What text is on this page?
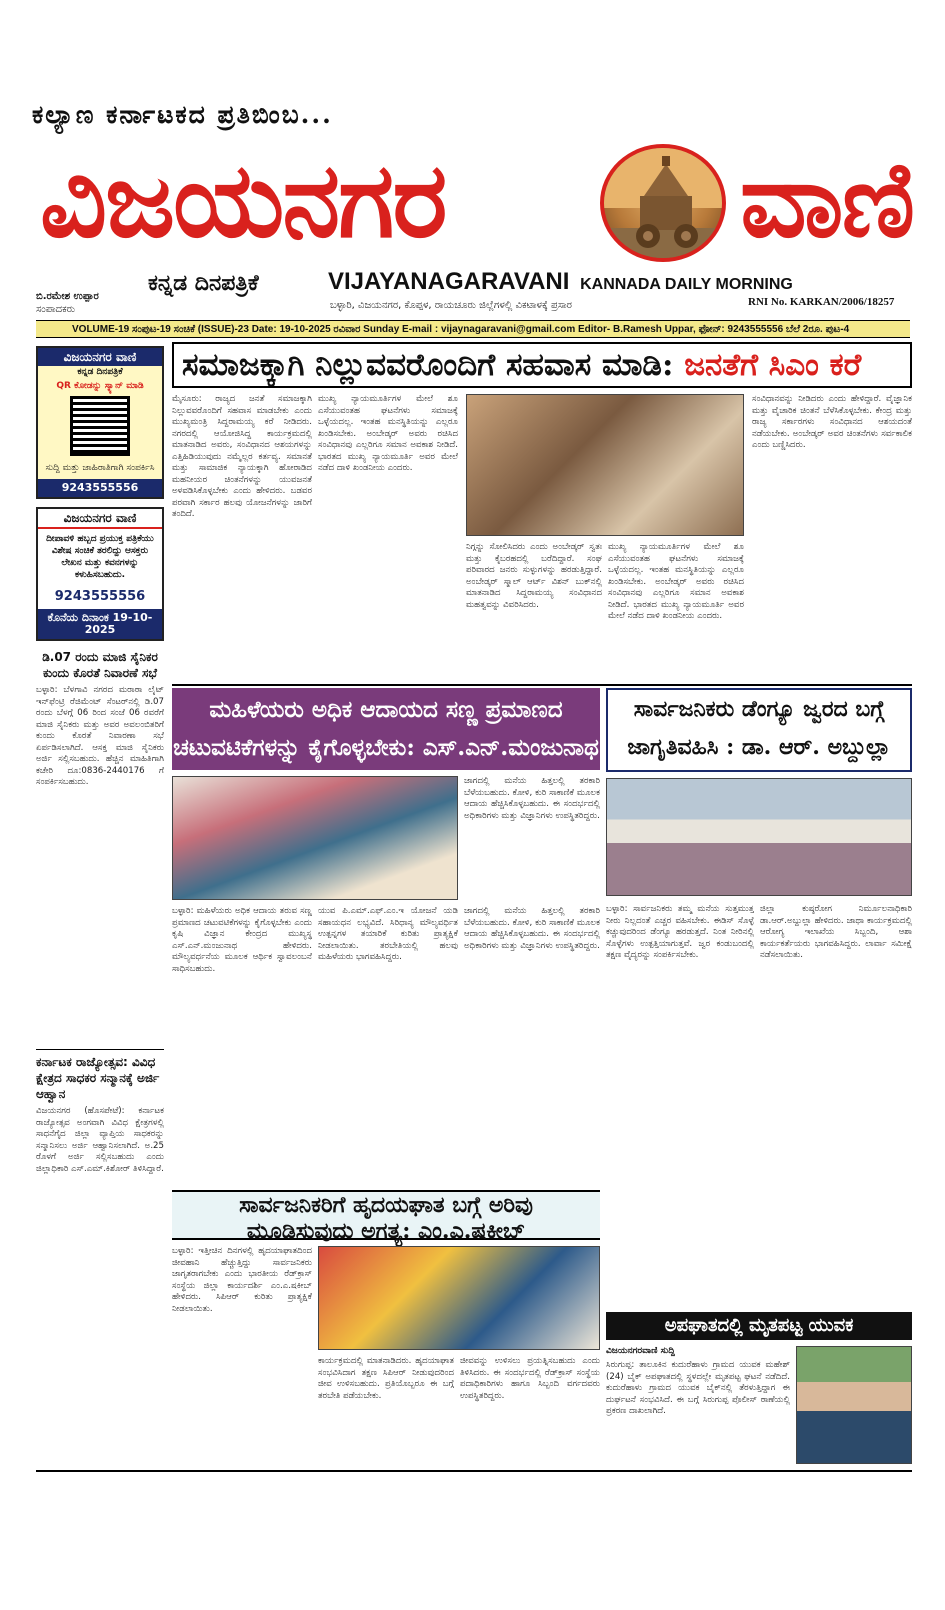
ಕಲ್ಯಾಣ ಕರ್ನಾಟಕದ ಪ್ರತಿಬಿಂಬ...
ವಿಜಯನಗರ	ವಾಣಿ
ಬಿ.ರಮೇಶ ಉಪ್ಪಾರ
ಸಂಪಾದಕರು
ಕನ್ನಡ ದಿನಪತ್ರಿಕೆ	VIJAYANAGARAVANI KANNADA DAILY MORNING
ಬಳ್ಳಾರಿ, ವಿಜಯನಗರ, ಕೊಪ್ಪಳ, ರಾಯಚೂರು ಜಿಲ್ಲೆಗಳಲ್ಲಿ ವಿಕಟಾಳಕ್ಕೆ ಪ್ರಸಾರ	RNI No. KARKAN/2006/18257
VOLUME-19 ಸಂಪುಟ-19 ಸಂಚಿಕೆ (ISSUE)-23 Date: 19-10-2025 ರವಿವಾರ Sunday E-mail : vijaynagaravani@gmail.com Editor- B.Ramesh Uppar, ಫೋನ್: 9243555556 ಬೆಲೆ 2ರೂ. ಪುಟ-4
ವಿಜಯನಗರ ವಾಣಿ
ಕನ್ನಡ ದಿನಪತ್ರಿಕೆ
QR ಕೋಡನ್ನು ಸ್ಕ್ಯಾನ್ ಮಾಡಿ
ಸುದ್ದಿ ಮತ್ತು ಜಾಹಿರಾತಿಗಾಗಿ ಸಂಪರ್ಕಿಸಿ
9243555556
ವಿಜಯನಗರ ವಾಣಿ
ದೀಪಾವಳಿ ಹಬ್ಬದ ಪ್ರಯುಕ್ತ ಪತ್ರಿಕೆಯು ವಿಶೇಷ ಸಂಚಿಕೆ ತರಲಿದ್ದು ಆಸಕ್ತರು ಲೇಖನ ಮತ್ತು ಕವನಗಳನ್ನು ಕಳುಹಿಸಬಹುದು.
9243555556
ಕೊನೆಯ ದಿನಾಂಕ 19-10-2025
ಡಿ.07 ರಂದು ಮಾಜಿ ಸೈನಿಕರ ಕುಂದು ಕೊರತೆ ನಿವಾರಣೆ ಸಭೆ
ಬಳ್ಳಾರಿ: ಬೆಳಗಾವಿ ನಗರದ ಮರಾಠಾ ಲೈಟ್ ಇನ್‌ಫೆಂಟ್ರಿ ರೆಜಿಮೆಂಟ್ ಸೆಂಟರ್‌ನಲ್ಲಿ ಡಿ.07 ರಂದು ಬೆಳಗ್ಗೆ 06 ರಿಂದ ಸಂಜೆ 06 ರವರೆಗೆ ಮಾಜಿ ಸೈನಿಕರು ಮತ್ತು ಅವರ ಅವಲಂಬಿತರಿಗೆ ಕುಂದು ಕೊರತೆ ನಿವಾರಣಾ ಸಭೆ ಏರ್ಪಡಿಸಲಾಗಿದೆ. ಆಸಕ್ತ ಮಾಜಿ ಸೈನಿಕರು ಅರ್ಜಿ ಸಲ್ಲಿಸಬಹುದು. ಹೆಚ್ಚಿನ ಮಾಹಿತಿಗಾಗಿ ಕಚೇರಿ ದೂ:0836-2440176 ಗೆ ಸಂಪರ್ಕಿಸಬಹುದು.
ಕರ್ನಾಟಕ ರಾಜ್ಯೋತ್ಸವ: ವಿವಿಧ ಕ್ಷೇತ್ರದ ಸಾಧಕರ ಸನ್ಮಾನಕ್ಕೆ ಅರ್ಜಿ ಆಹ್ವಾನ
ವಿಜಯನಗರ (ಹೊಸಪೇಟೆ): ಕರ್ನಾಟಕ ರಾಜ್ಯೋತ್ಸವ ಅಂಗವಾಗಿ ವಿವಿಧ ಕ್ಷೇತ್ರಗಳಲ್ಲಿ ಸಾಧನೆಗೈದ ಜಿಲ್ಲಾ ವ್ಯಾಪ್ತಿಯ ಸಾಧಕರನ್ನು ಸನ್ಮಾನಿಸಲು ಅರ್ಜಿ ಆಹ್ವಾನಿಸಲಾಗಿದೆ. ಅ.25 ರೊಳಗೆ ಅರ್ಜಿ ಸಲ್ಲಿಸಬಹುದು ಎಂದು ಜಿಲ್ಲಾಧಿಕಾರಿ ಎಸ್.ಎಮ್.ಕಿಶೋರ್ ತಿಳಿಸಿದ್ದಾರೆ.
ಸಮಾಜಕ್ಕಾಗಿ ನಿಲ್ಲುವವರೊಂದಿಗೆ ಸಹವಾಸ ಮಾಡಿ: ಜನತೆಗೆ ಸಿಎಂ ಕರೆ
ಮೈಸೂರು: ರಾಜ್ಯದ ಜನತೆ ಸಮಾಜಕ್ಕಾಗಿ ನಿಲ್ಲುವವರೊಂದಿಗೆ ಸಹವಾಸ ಮಾಡಬೇಕು ಎಂದು ಮುಖ್ಯಮಂತ್ರಿ ಸಿದ್ದರಾಮಯ್ಯ ಕರೆ ನೀಡಿದರು. ನಗರದಲ್ಲಿ ಆಯೋಜಿಸಿದ್ದ ಕಾರ್ಯಕ್ರಮದಲ್ಲಿ ಮಾತನಾಡಿದ ಅವರು, ಸಂವಿಧಾನದ ಆಶಯಗಳನ್ನು ಎತ್ತಿಹಿಡಿಯುವುದು ನಮ್ಮೆಲ್ಲರ ಕರ್ತವ್ಯ. ಸಮಾನತೆ ಮತ್ತು ಸಾಮಾಜಿಕ ನ್ಯಾಯಕ್ಕಾಗಿ ಹೋರಾಡಿದ ಮಹನೀಯರ ಚಿಂತನೆಗಳನ್ನು ಯುವಜನತೆ ಅಳವಡಿಸಿಕೊಳ್ಳಬೇಕು ಎಂದು ಹೇಳಿದರು. ಬಡವರ ಪರವಾಗಿ ಸರ್ಕಾರ ಹಲವು ಯೋಜನೆಗಳನ್ನು ಜಾರಿಗೆ ತಂದಿದೆ.
ಮುಖ್ಯ ನ್ಯಾಯಮೂರ್ತಿಗಳ ಮೇಲೆ ಶೂ ಎಸೆಯುವಂತಹ ಘಟನೆಗಳು ಸಮಾಜಕ್ಕೆ ಒಳ್ಳೆಯದಲ್ಲ. ಇಂತಹ ಮನಸ್ಥಿತಿಯನ್ನು ಎಲ್ಲರೂ ಖಂಡಿಸಬೇಕು. ಅಂಬೇಡ್ಕರ್ ಅವರು ರಚಿಸಿದ ಸಂವಿಧಾನವು ಎಲ್ಲರಿಗೂ ಸಮಾನ ಅವಕಾಶ ನೀಡಿದೆ. ಭಾರತದ ಮುಖ್ಯ ನ್ಯಾಯಮೂರ್ತಿ ಅವರ ಮೇಲೆ ನಡೆದ ದಾಳಿ ಖಂಡನೀಯ ಎಂದರು.
ನಿಗ್ಗನ್ನು ಸೋಲಿಸಿದರು ಎಂದು ಅಂಬೇಡ್ಕರ್ ಸ್ವತಃ ಮತ್ತು ಕೈಬರಹದಲ್ಲಿ ಬರೆದಿದ್ದಾರೆ. ಸಂಘ ಪರಿವಾರದ ಜನರು ಸುಳ್ಳುಗಳನ್ನು ಹರಡುತ್ತಿದ್ದಾರೆ. ಅಂಬೇಡ್ಕರ್ ಸ್ಮಾಲ್ ಆರ್ಟ್ ವಿಶನ್ ಬುಕ್‌ನಲ್ಲಿ ಮಾತನಾಡಿದ ಸಿದ್ದರಾಮಯ್ಯ ಸಂವಿಧಾನದ ಮಹತ್ವವನ್ನು ವಿವರಿಸಿದರು.
ಮುಖ್ಯ ನ್ಯಾಯಮೂರ್ತಿಗಳ ಮೇಲೆ ಶೂ ಎಸೆಯುವಂತಹ ಘಟನೆಗಳು ಸಮಾಜಕ್ಕೆ ಒಳ್ಳೆಯದಲ್ಲ. ಇಂತಹ ಮನಸ್ಥಿತಿಯನ್ನು ಎಲ್ಲರೂ ಖಂಡಿಸಬೇಕು. ಅಂಬೇಡ್ಕರ್ ಅವರು ರಚಿಸಿದ ಸಂವಿಧಾನವು ಎಲ್ಲರಿಗೂ ಸಮಾನ ಅವಕಾಶ ನೀಡಿದೆ. ಭಾರತದ ಮುಖ್ಯ ನ್ಯಾಯಮೂರ್ತಿ ಅವರ ಮೇಲೆ ನಡೆದ ದಾಳಿ ಖಂಡನೀಯ ಎಂದರು.
ಸಂವಿಧಾನವನ್ನು ನೀಡಿದರು ಎಂದು ಹೇಳಿದ್ದಾರೆ. ವೈಜ್ಞಾನಿಕ ಮತ್ತು ವೈಚಾರಿಕ ಚಿಂತನೆ ಬೆಳೆಸಿಕೊಳ್ಳಬೇಕು. ಕೇಂದ್ರ ಮತ್ತು ರಾಜ್ಯ ಸರ್ಕಾರಗಳು ಸಂವಿಧಾನದ ಆಶಯದಂತೆ ನಡೆಯಬೇಕು. ಅಂಬೇಡ್ಕರ್ ಅವರ ಚಿಂತನೆಗಳು ಸರ್ವಕಾಲಿಕ ಎಂದು ಬಣ್ಣಿಸಿದರು.
ಮಹಿಳೆಯರು ಅಧಿಕ ಆದಾಯದ ಸಣ್ಣ ಪ್ರಮಾಣದ
ಚಟುವಟಿಕೆಗಳನ್ನು ಕೈಗೊಳ್ಳಬೇಕು: ಎಸ್.ಎನ್.ಮಂಜುನಾಥ
ಜಾಗದಲ್ಲಿ ಮನೆಯ ಹಿತ್ತಲಲ್ಲಿ ತರಕಾರಿ ಬೆಳೆಯಬಹುದು. ಕೋಳಿ, ಕುರಿ ಸಾಕಾಣಿಕೆ ಮೂಲಕ ಆದಾಯ ಹೆಚ್ಚಿಸಿಕೊಳ್ಳಬಹುದು. ಈ ಸಂದರ್ಭದಲ್ಲಿ ಅಧಿಕಾರಿಗಳು ಮತ್ತು ವಿಜ್ಞಾನಿಗಳು ಉಪಸ್ಥಿತರಿದ್ದರು.
ಬಳ್ಳಾರಿ: ಮಹಿಳೆಯರು ಅಧಿಕ ಆದಾಯ ತರುವ ಸಣ್ಣ ಪ್ರಮಾಣದ ಚಟುವಟಿಕೆಗಳನ್ನು ಕೈಗೊಳ್ಳಬೇಕು ಎಂದು ಕೃಷಿ ವಿಜ್ಞಾನ ಕೇಂದ್ರದ ಮುಖ್ಯಸ್ಥ ಎಸ್.ಎನ್.ಮಂಜುನಾಥ ಹೇಳಿದರು. ಮೌಲ್ಯವರ್ಧನೆಯ ಮೂಲಕ ಆರ್ಥಿಕ ಸ್ವಾವಲಂಬನೆ ಸಾಧಿಸಬಹುದು.
ಯುವ ಪಿ.ಎಮ್.ಎಫ್.ಎಂ.ಇ ಯೋಜನೆ ಯಡಿ ಸಹಾಯಧನ ಲಭ್ಯವಿದೆ. ಸಿರಿಧಾನ್ಯ ಮೌಲ್ಯವರ್ಧಿತ ಉತ್ಪನ್ನಗಳ ತಯಾರಿಕೆ ಕುರಿತು ಪ್ರಾತ್ಯಕ್ಷಿಕೆ ನೀಡಲಾಯಿತು. ತರಬೇತಿಯಲ್ಲಿ ಹಲವು ಮಹಿಳೆಯರು ಭಾಗವಹಿಸಿದ್ದರು.
ಜಾಗದಲ್ಲಿ ಮನೆಯ ಹಿತ್ತಲಲ್ಲಿ ತರಕಾರಿ ಬೆಳೆಯಬಹುದು. ಕೋಳಿ, ಕುರಿ ಸಾಕಾಣಿಕೆ ಮೂಲಕ ಆದಾಯ ಹೆಚ್ಚಿಸಿಕೊಳ್ಳಬಹುದು. ಈ ಸಂದರ್ಭದಲ್ಲಿ ಅಧಿಕಾರಿಗಳು ಮತ್ತು ವಿಜ್ಞಾನಿಗಳು ಉಪಸ್ಥಿತರಿದ್ದರು.
ಸಾರ್ವಜನಿಕರು ಡೆಂಗ್ಯೂ ಜ್ವರದ ಬಗ್ಗೆ
ಜಾಗೃತಿವಹಿಸಿ : ಡಾ. ಆರ್. ಅಬ್ದುಲ್ಲಾ
ಬಳ್ಳಾರಿ: ಸಾರ್ವಜನಿಕರು ತಮ್ಮ ಮನೆಯ ಸುತ್ತಮುತ್ತ ನೀರು ನಿಲ್ಲದಂತೆ ಎಚ್ಚರ ವಹಿಸಬೇಕು. ಈಡಿಸ್ ಸೊಳ್ಳೆ ಕಚ್ಚುವುದರಿಂದ ಡೆಂಗ್ಯೂ ಹರಡುತ್ತದೆ. ನಿಂತ ನೀರಿನಲ್ಲಿ ಸೊಳ್ಳೆಗಳು ಉತ್ಪತ್ತಿಯಾಗುತ್ತವೆ. ಜ್ವರ ಕಂಡುಬಂದಲ್ಲಿ ತಕ್ಷಣ ವೈದ್ಯರನ್ನು ಸಂಪರ್ಕಿಸಬೇಕು.
ಜಿಲ್ಲಾ ಕುಷ್ಠರೋಗ ನಿರ್ಮೂಲನಾಧಿಕಾರಿ ಡಾ.ಆರ್.ಅಬ್ದುಲ್ಲಾ ಹೇಳಿದರು. ಜಾಥಾ ಕಾರ್ಯಕ್ರಮದಲ್ಲಿ ಆರೋಗ್ಯ ಇಲಾಖೆಯ ಸಿಬ್ಬಂದಿ, ಆಶಾ ಕಾರ್ಯಕರ್ತೆಯರು ಭಾಗವಹಿಸಿದ್ದರು. ಲಾರ್ವಾ ಸಮೀಕ್ಷೆ ನಡೆಸಲಾಯಿತು.
ಸಾರ್ವಜನಿಕರಿಗೆ ಹೃದಯಘಾತ ಬಗ್ಗೆ ಅರಿವು
ಮೂಡಿಸುವುದು ಅಗತ್ಯ: ಎಂ.ಎ.ಷಕೀಬ್
ಬಳ್ಳಾರಿ: ಇತ್ತೀಚಿನ ದಿನಗಳಲ್ಲಿ ಹೃದಯಾಘಾತದಿಂದ ಜೀವಹಾನಿ ಹೆಚ್ಚುತ್ತಿದ್ದು ಸಾರ್ವಜನಿಕರು ಜಾಗೃತರಾಗಬೇಕು ಎಂದು ಭಾರತೀಯ ರೆಡ್‌ಕ್ರಾಸ್ ಸಂಸ್ಥೆಯ ಜಿಲ್ಲಾ ಕಾರ್ಯದರ್ಶಿ ಎಂ.ಎ.ಷಕೀಬ್ ಹೇಳಿದರು. ಸಿಪಿಆರ್ ಕುರಿತು ಪ್ರಾತ್ಯಕ್ಷಿಕೆ ನೀಡಲಾಯಿತು.
ಕಾರ್ಯಕ್ರಮದಲ್ಲಿ ಮಾತನಾಡಿದರು. ಹೃದಯಾಘಾತ ಸಂಭವಿಸಿದಾಗ ತಕ್ಷಣ ಸಿಪಿಆರ್ ನೀಡುವುದರಿಂದ ಜೀವ ಉಳಿಸಬಹುದು. ಪ್ರತಿಯೊಬ್ಬರೂ ಈ ಬಗ್ಗೆ ತರಬೇತಿ ಪಡೆಯಬೇಕು.
ಜೀವವನ್ನು ಉಳಿಸಲು ಪ್ರಯತ್ನಿಸಬಹುದು ಎಂದು ತಿಳಿಸಿದರು. ಈ ಸಂದರ್ಭದಲ್ಲಿ ರೆಡ್‌ಕ್ರಾಸ್ ಸಂಸ್ಥೆಯ ಪದಾಧಿಕಾರಿಗಳು ಹಾಗೂ ಸಿಬ್ಬಂದಿ ವರ್ಗದವರು ಉಪಸ್ಥಿತರಿದ್ದರು.
ಅಪಘಾತದಲ್ಲಿ ಮೃತಪಟ್ಟ ಯುವಕ
ವಿಜಯನಗರವಾಣಿ ಸುದ್ದಿ
ಸಿರುಗುಪ್ಪ: ತಾಲೂಕಿನ ಕುದುರೆಹಾಳು ಗ್ರಾಮದ ಯುವಕ ಮಹೇಶ್ (24) ಬೈಕ್ ಅಪಘಾತದಲ್ಲಿ ಸ್ಥಳದಲ್ಲೇ ಮೃತಪಟ್ಟ ಘಟನೆ ನಡೆದಿದೆ. ಕುದುರೆಹಾಳು ಗ್ರಾಮದ ಯುವಕ ಬೈಕ್‌ನಲ್ಲಿ ತೆರಳುತ್ತಿದ್ದಾಗ ಈ ದುರ್ಘಟನೆ ಸಂಭವಿಸಿದೆ. ಈ ಬಗ್ಗೆ ಸಿರುಗುಪ್ಪ ಪೊಲೀಸ್ ಠಾಣೆಯಲ್ಲಿ ಪ್ರಕರಣ ದಾಖಲಾಗಿದೆ.
